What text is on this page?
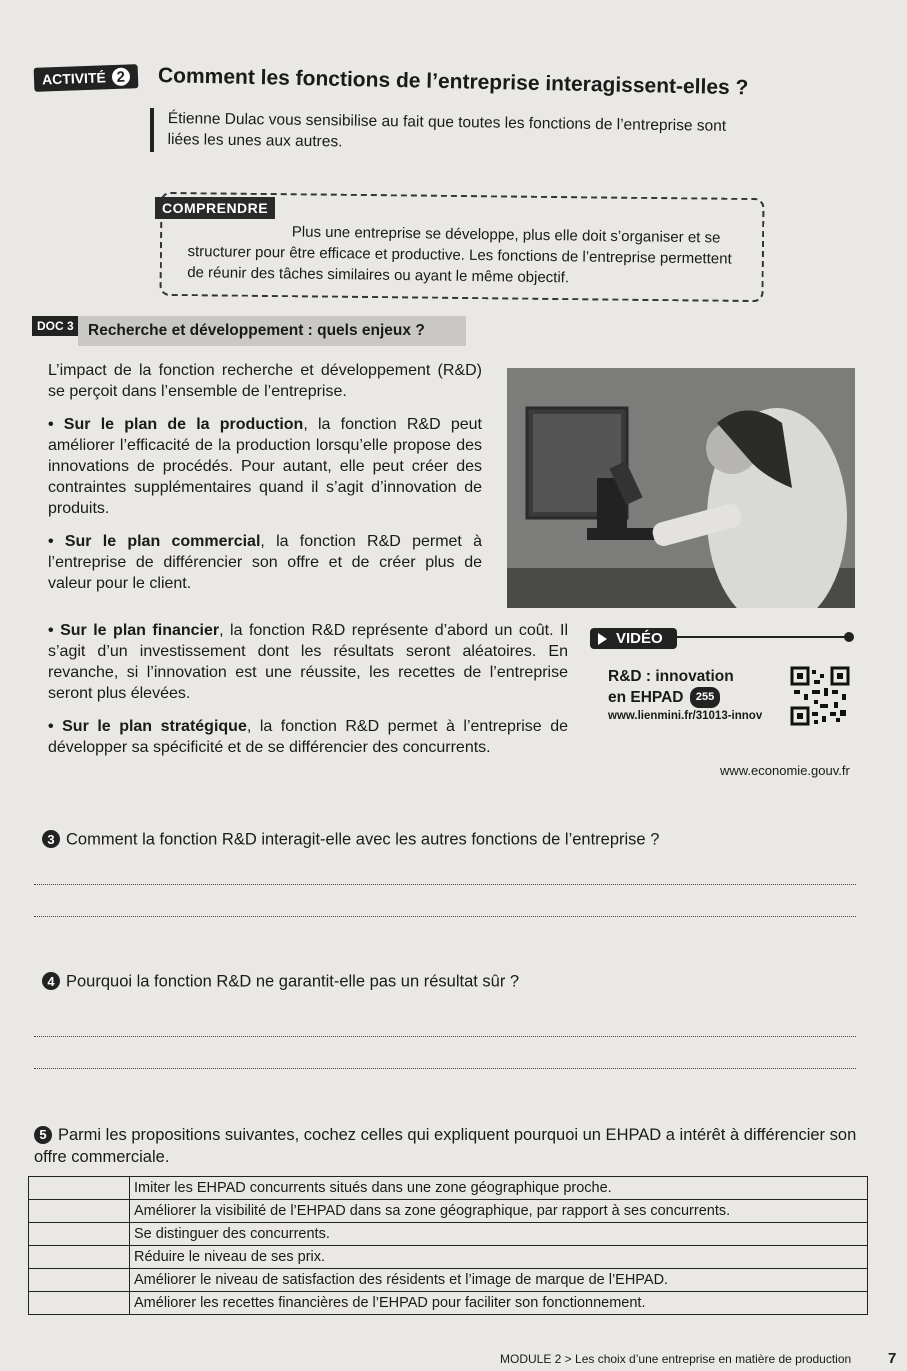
ACTIVITÉ 2 Comment les fonctions de l’entreprise interagissent-elles ?
Étienne Dulac vous sensibilise au fait que toutes les fonctions de l’entreprise sont liées les unes aux autres.
COMPRENDRE
Plus une entreprise se développe, plus elle doit s’organiser et se structurer pour être efficace et productive. Les fonctions de l’entreprise permettent de réunir des tâches similaires ou ayant le même objectif.
DOC 3 Recherche et développement : quels enjeux ?

L’impact de la fonction recherche et développement (R&D) se perçoit dans l’ensemble de l’entreprise.

• Sur le plan de la production, la fonction R&D peut améliorer l’efficacité de la production lorsqu’elle propose des innovations de procédés. Pour autant, elle peut créer des contraintes supplémentaires quand il s’agit d’innovation de produits.

• Sur le plan commercial, la fonction R&D permet à l’entreprise de différencier son offre et de créer plus de valeur pour le client.

• Sur le plan financier, la fonction R&D représente d’abord un coût. Il s’agit d’un investissement dont les résultats seront aléatoires. En revanche, si l’innovation est une réussite, les recettes de l’entreprise seront plus élevées.

• Sur le plan stratégique, la fonction R&D permet à l’entreprise de développer sa spécificité et de se différencier des concurrents.

VIDÉO
R&D : innovation
en EHPAD 255
www.lienmini.fr/31013-innov
www.economie.gouv.fr
3 Comment la fonction R&D interagit-elle avec les autres fonctions de l’entreprise ?
4 Pourquoi la fonction R&D ne garantit-elle pas un résultat sûr ?
5 Parmi les propositions suivantes, cochez celles qui expliquent pourquoi un EHPAD a intérêt à différencier son offre commerciale.
	Imiter les EHPAD concurrents situés dans une zone géographique proche.
	Améliorer la visibilité de l’EHPAD dans sa zone géographique, par rapport à ses concurrents.
	Se distinguer des concurrents.
	Réduire le niveau de ses prix.
	Améliorer le niveau de satisfaction des résidents et l’image de marque de l’EHPAD.
	Améliorer les recettes financières de l’EHPAD pour faciliter son fonctionnement.
MODULE 2 > Les choix d’une entreprise en matière de production 7
